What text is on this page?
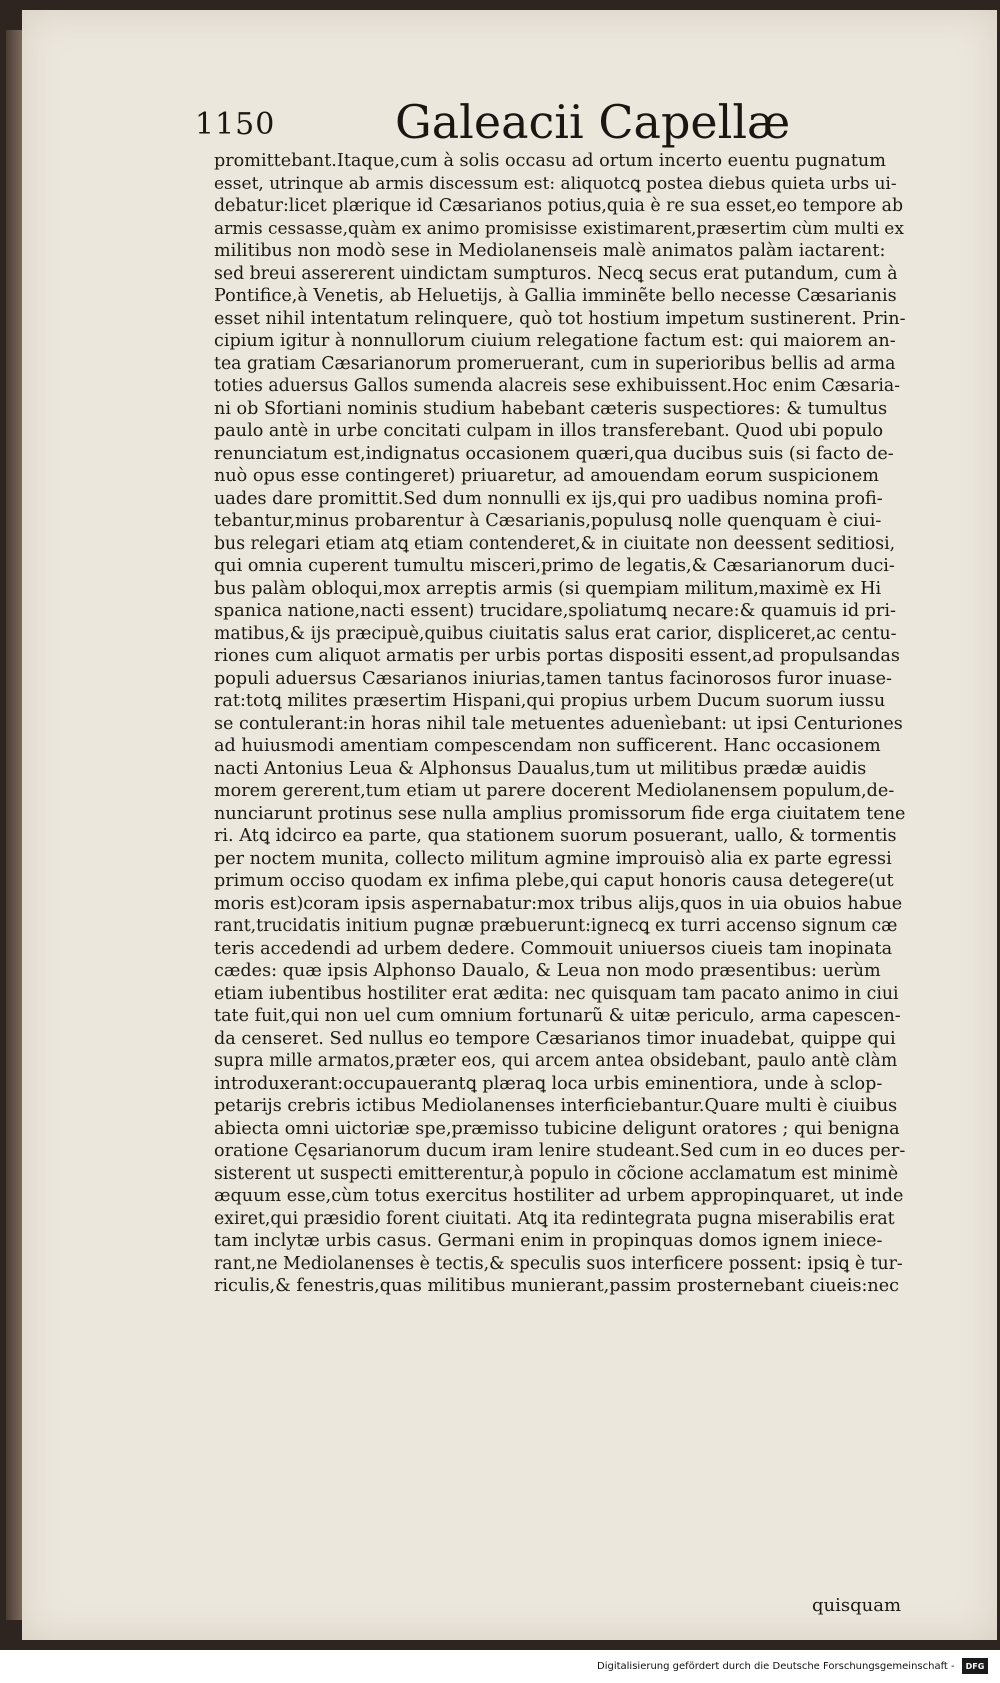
1150	Galeacii Capellæ
promittebant.Itaque,cum à solis occasu ad ortum incerto euentu pugnatum
esset, utrinque ab armis discessum est: aliquotcꝗ postea diebus quieta urbs ui-
debatur:licet plærique id Cæsarianos potius,quia è re sua esset,eo tempore ab
armis cessasse,quàm ex animo promisisse existimarent,præsertim cùm multi ex
militibus non modò sese in Mediolanenseis malè animatos palàm iactarent:
sed breui assererent uindictam sumpturos. Necꝗ secus erat putandum, cum à
Pontifice,à Venetis, ab Heluetijs, à Gallia imminẽte bello necesse Cæsarianis
esset nihil intentatum relinquere, quò tot hostium impetum sustinerent. Prin-
cipium igitur à nonnullorum ciuium relegatione factum est: qui maiorem an-
tea gratiam Cæsarianorum promeruerant, cum in superioribus bellis ad arma
toties aduersus Gallos sumenda alacreis sese exhibuissent.Hoc enim Cæsaria-
ni ob Sfortiani nominis studium habebant cæteris suspectiores: & tumultus
paulo antè in urbe concitati culpam in illos transferebant. Quod ubi populo
renunciatum est,indignatus occasionem quæri,qua ducibus suis (si facto de-
nuò opus esse contingeret) priuaretur, ad amouendam eorum suspicionem
uades dare promittit.Sed dum nonnulli ex ijs,qui pro uadibus nomina profi-
tebantur,minus probarentur à Cæsarianis,populusꝗ nolle quenquam è ciui-
bus relegari etiam atꝗ etiam contenderet,& in ciuitate non deessent seditiosi,
qui omnia cuperent tumultu misceri,primo de legatis,& Cæsarianorum duci-
bus palàm obloqui,mox arreptis armis (si quempiam militum,maximè ex Hi
spanica natione,nacti essent) trucidare,spoliatumꝗ necare:& quamuis id pri-
matibus,& ijs præcipuè,quibus ciuitatis salus erat carior, displiceret,ac centu-
riones cum aliquot armatis per urbis portas dispositi essent,ad propulsandas
populi aduersus Cæsarianos iniurias,tamen tantus facinorosos furor inuase-
rat:totꝗ milites præsertim Hispani,qui propius urbem Ducum suorum iussu
se contulerant:in horas nihil tale metuentes aduenìebant: ut ipsi Centuriones
ad huiusmodi amentiam compescendam non sufficerent. Hanc occasionem
nacti Antonius Leua & Alphonsus Daualus,tum ut militibus prædæ auidis
morem gererent,tum etiam ut parere docerent Mediolanensem populum,de-
nunciarunt protinus sese nulla amplius promissorum fide erga ciuitatem tene
ri. Atꝗ idcirco ea parte, qua stationem suorum posuerant, uallo, & tormentis
per noctem munita, collecto militum agmine improuisò alia ex parte egressi
primum occiso quodam ex infima plebe,qui caput honoris causa detegere(ut
moris est)coram ipsis aspernabatur:mox tribus alijs,quos in uia obuios habue
rant,trucidatis initium pugnæ præbuerunt:ignecꝗ ex turri accenso signum cæ
teris accedendi ad urbem dedere. Commouit uniuersos ciueis tam inopinata
cædes: quæ ipsis Alphonso Daualo, & Leua non modo præsentibus: uerùm
etiam iubentibus hostiliter erat ædita: nec quisquam tam pacato animo in ciui
tate fuit,qui non uel cum omnium fortunarũ & uitæ periculo, arma capescen-
da censeret. Sed nullus eo tempore Cæsarianos timor inuadebat, quippe qui
supra mille armatos,præter eos, qui arcem antea obsidebant, paulo antè clàm
introduxerant:occupauerantꝗ plæraꝗ loca urbis eminentiora, unde à sclop-
petarijs crebris ictibus Mediolanenses interficiebantur.Quare multi è ciuibus
abiecta omni uictoriæ spe,præmisso tubicine deligunt oratores ; qui benigna
oratione Cęsarianorum ducum iram lenire studeant.Sed cum in eo duces per-
sisterent ut suspecti emitterentur,à populo in cõcione acclamatum est minimè
æquum esse,cùm totus exercitus hostiliter ad urbem appropinquaret, ut inde
exiret,qui præsidio forent ciuitati. Atꝗ ita redintegrata pugna miserabilis erat
tam inclytæ urbis casus. Germani enim in propinquas domos ignem iniece-
rant,ne Mediolanenses è tectis,& speculis suos interficere possent: ipsiꝗ è tur-
riculis,& fenestris,quas militibus munierant,passim prosternebant ciueis:nec
quisquam
Digitalisierung gefördert durch die Deutsche Forschungsgemeinschaft -	DFG
